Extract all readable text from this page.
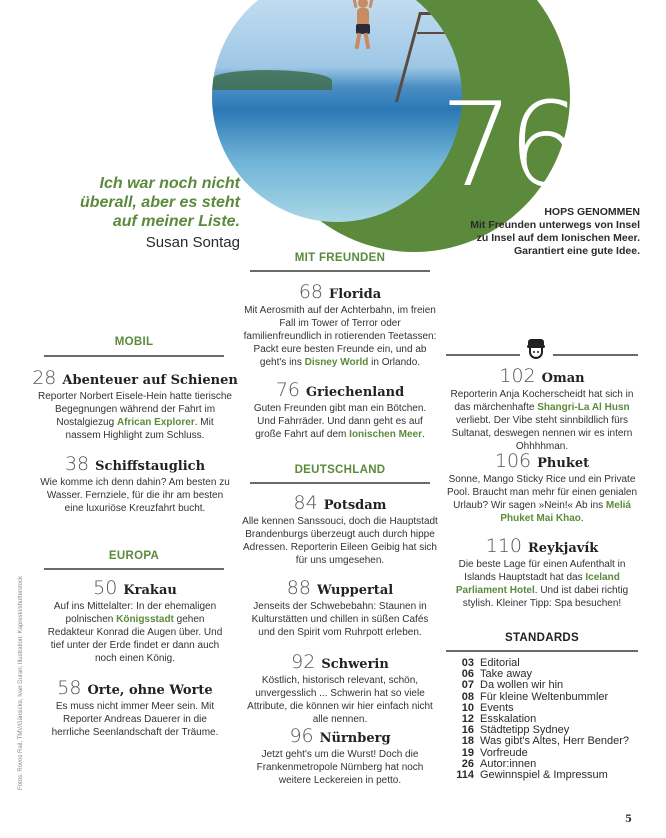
76
Ich war noch nicht überall, aber es steht auf meiner Liste.
Susan Sontag
HOPS GENOMMEN
Mit Freunden unterwegs von Insel zu Insel auf dem Ionischen Meer. Garantiert eine gute Idee.
MOBIL
28 Abenteuer auf Schienen
Reporter Norbert Eisele-Hein hatte tierische Begegnungen während der Fahrt im Nostalgiezug African Explorer. Mit nassem Highlight zum Schluss.
38 Schiffstauglich
Wie komme ich denn dahin? Am besten zu Wasser. Fernziele, für die ihr am besten eine luxuriöse Kreuzfahrt bucht.
EUROPA
50 Krakau
Auf ins Mittelalter: In der ehemaligen polnischen Königsstadt gehen Redakteur Konrad die Augen über. Und tief unter der Erde findet er dann auch noch einen König.
58 Orte, ohne Worte
Es muss nicht immer Meer sein. Mit Reporter Andreas Dauerer in die herrliche Seenlandschaft der Träume.
MIT FREUNDEN
68 Florida
Mit Aerosmith auf der Achterbahn, im freien Fall im Tower of Terror oder familienfreundlich in rotierenden Teetassen: Packt eure besten Freunde ein, und ab geht's ins Disney World in Orlando.
76 Griechenland
Guten Freunden gibt man ein Bötchen. Und Fahrräder. Und dann geht es auf große Fahrt auf dem Ionischen Meer.
DEUTSCHLAND
84 Potsdam
Alle kennen Sanssouci, doch die Hauptstadt Brandenburgs überzeugt auch durch hippe Adressen. Reporterin Eileen Geibig hat sich für uns umgesehen.
88 Wuppertal
Jenseits der Schwebebahn: Staunen in Kulturstätten und chillen in süßen Cafés und den Spirit vom Ruhrpott erleben.
92 Schwerin
Köstlich, historisch relevant, schön, unvergesslich ... Schwerin hat so viele Attribute, die können wir hier einfach nicht alle nennen.
96 Nürnberg
Jetzt geht's um die Wurst! Doch die Frankenmetropole Nürnberg hat noch weitere Leckereien in petto.
102 Oman
Reporterin Anja Kocherscheidt hat sich in das märchenhafte Shangri-La Al Husn verliebt. Der Vibe steht sinnbildlich fürs Sultanat, deswegen nennen wir es intern Ohhhhman.
106 Phuket
Sonne, Mango Sticky Rice und ein Private Pool. Braucht man mehr für einen genialen Urlaub? Wir sagen »Nein!« Ab ins Meliá Phuket Mai Khao.
110 Reykjavík
Die beste Lage für einen Aufenthalt in Islands Hauptstadt hat das Iceland Parliament Hotel. Und ist dabei richtig stylish. Kleiner Tipp: Spa besuchen!
STANDARDS
03 Editorial
06 Take away
07 Da wollen wir hin
08 Für kleine Weltenbummler
10 Events
12 Esskalation
16 Städtetipp Sydney
18 Was gibt's Altes, Herr Bender?
19 Vorfreude
26 Autor:innen
114 Gewinnspiel & Impressum
Fotos: Rovos Rail, TMV/Gänsicke, Ivan Duran; Illustration: Kapreski/shutterstock
5
